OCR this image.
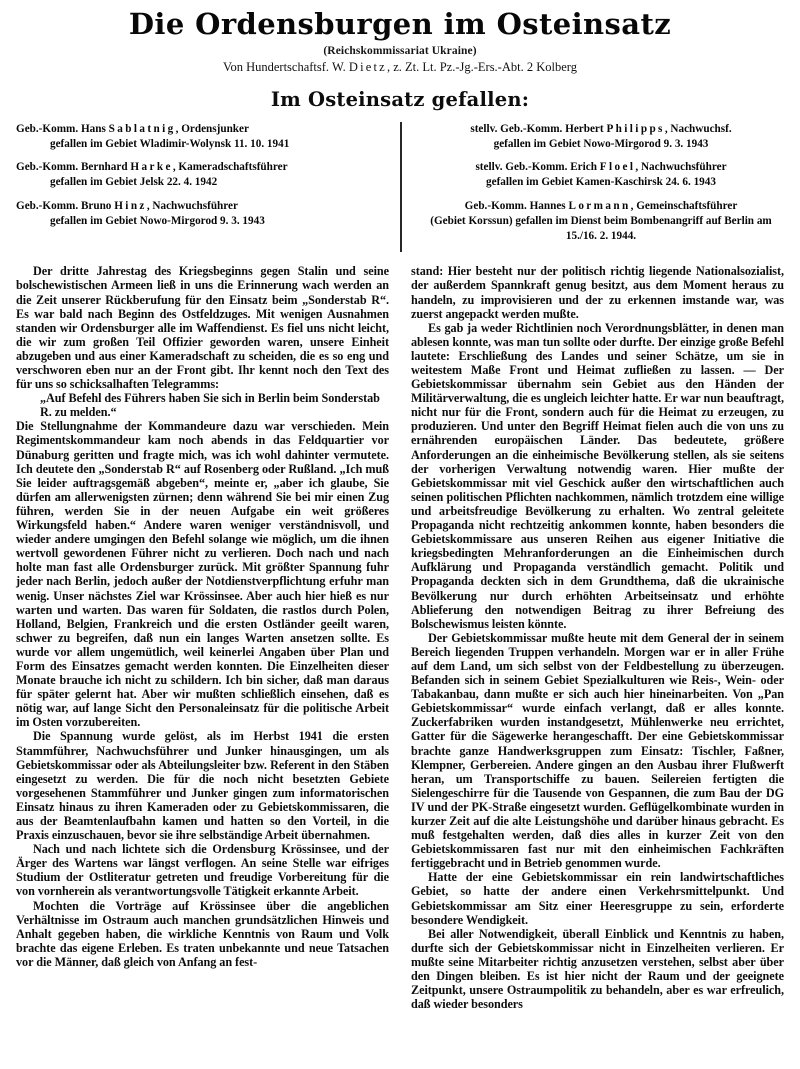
Die Ordensburgen im Osteinsatz
(Reichskommissariat Ukraine)
Von Hundertschaftsf. W. Dietz, z. Zt. Lt. Pz.-Jg.-Ers.-Abt. 2 Kolberg
Im Osteinsatz gefallen:
Geb.-Komm. Hans Sablatnig, Ordensjunker
gefallen im Gebiet Wladimir-Wolynsk 11. 10. 1941
Geb.-Komm. Bernhard Harke, Kameradschaftsführer
gefallen im Gebiet Jelsk 22. 4. 1942
Geb.-Komm. Bruno Hinz, Nachwuchsführer
gefallen im Gebiet Nowo-Mirgorod 9. 3. 1943
stellv. Geb.-Komm. Herbert Philipps, Nachwuchsf.
gefallen im Gebiet Nowo-Mirgorod 9. 3. 1943
stellv. Geb.-Komm. Erich Floel, Nachwuchsführer
gefallen im Gebiet Kamen-Kaschirsk 24. 6. 1943
Geb.-Komm. Hannes Lormann, Gemeinschaftsführer
(Gebiet Korssun) gefallen im Dienst beim Bombenangriff auf Berlin am 15./16. 2. 1944.

Der dritte Jahrestag des Kriegsbeginns gegen Stalin und seine bolschewistischen Armeen ließ in uns die Erinnerung wach werden an die Zeit unserer Rückberufung für den Einsatz beim „Sonderstab R“. Es war bald nach Beginn des Ostfeldzuges. Mit wenigen Ausnahmen standen wir Ordensburger alle im Waffendienst. Es fiel uns nicht leicht, die wir zum großen Teil Offizier geworden waren, unsere Einheit abzugeben und aus einer Kameradschaft zu scheiden, die es so eng und verschworen eben nur an der Front gibt. Ihr kennt noch den Text des für uns so schicksalhaften Telegramms:

„Auf Befehl des Führers haben Sie sich in Berlin beim Sonderstab R. zu melden.“

Die Stellungnahme der Kommandeure dazu war verschieden. Mein Regimentskommandeur kam noch abends in das Feldquartier vor Dünaburg geritten und fragte mich, was ich wohl dahinter vermutete. Ich deutete den „Sonderstab R“ auf Rosenberg oder Rußland. „Ich muß Sie leider auftragsgemäß abgeben“, meinte er, „aber ich glaube, Sie dürfen am allerwenigsten zürnen; denn während Sie bei mir einen Zug führen, werden Sie in der neuen Aufgabe ein weit größeres Wirkungsfeld haben.“ Andere waren weniger verständnisvoll, und wieder andere umgingen den Befehl solange wie möglich, um die ihnen wertvoll gewordenen Führer nicht zu verlieren. Doch nach und nach holte man fast alle Ordensburger zurück. Mit größter Spannung fuhr jeder nach Berlin, jedoch außer der Notdienstverpflichtung erfuhr man wenig. Unser nächstes Ziel war Krössinsee. Aber auch hier hieß es nur warten und warten. Das waren für Soldaten, die rastlos durch Polen, Holland, Belgien, Frankreich und die ersten Ostländer geeilt waren, schwer zu begreifen, daß nun ein langes Warten ansetzen sollte. Es wurde vor allem ungemütlich, weil keinerlei Angaben über Plan und Form des Einsatzes gemacht werden konnten. Die Einzelheiten dieser Monate brauche ich nicht zu schildern. Ich bin sicher, daß man daraus für später gelernt hat. Aber wir mußten schließlich einsehen, daß es nötig war, auf lange Sicht den Personaleinsatz für die politische Arbeit im Osten vorzubereiten.

Die Spannung wurde gelöst, als im Herbst 1941 die ersten Stammführer, Nachwuchsführer und Junker hinausgingen, um als Gebietskommissar oder als Abteilungsleiter bzw. Referent in den Stäben eingesetzt zu werden. Die für die noch nicht besetzten Gebiete vorgesehenen Stammführer und Junker gingen zum informatorischen Einsatz hinaus zu ihren Kameraden oder zu Gebietskommissaren, die aus der Beamtenlaufbahn kamen und hatten so den Vorteil, in die Praxis einzuschauen, bevor sie ihre selbständige Arbeit übernahmen.

Nach und nach lichtete sich die Ordensburg Krössinsee, und der Ärger des Wartens war längst verflogen. An seine Stelle war eifriges Studium der Ostliteratur getreten und freudige Vorbereitung für die von vornherein als verantwortungsvolle Tätigkeit erkannte Arbeit.

Mochten die Vorträge auf Krössinsee über die angeblichen Verhältnisse im Ostraum auch manchen grundsätzlichen Hinweis und Anhalt gegeben haben, die wirkliche Kenntnis von Raum und Volk brachte das eigene Erleben. Es traten unbekannte und neue Tatsachen vor die Männer, daß gleich von Anfang an fest-

stand: Hier besteht nur der politisch richtig liegende Nationalsozialist, der außerdem Spannkraft genug besitzt, aus dem Moment heraus zu handeln, zu improvisieren und der zu erkennen imstande war, was zuerst angepackt werden mußte.

Es gab ja weder Richtlinien noch Verordnungsblätter, in denen man ablesen konnte, was man tun sollte oder durfte. Der einzige große Befehl lautete: Erschließung des Landes und seiner Schätze, um sie in weitestem Maße Front und Heimat zufließen zu lassen. — Der Gebietskommissar übernahm sein Gebiet aus den Händen der Militärverwaltung, die es ungleich leichter hatte. Er war nun beauftragt, nicht nur für die Front, sondern auch für die Heimat zu erzeugen, zu produzieren. Und unter den Begriff Heimat fielen auch die von uns zu ernährenden europäischen Länder. Das bedeutete, größere Anforderungen an die einheimische Bevölkerung stellen, als sie seitens der vorherigen Verwaltung notwendig waren. Hier mußte der Gebietskommissar mit viel Geschick außer den wirtschaftlichen auch seinen politischen Pflichten nachkommen, nämlich trotzdem eine willige und arbeitsfreudige Bevölkerung zu erhalten. Wo zentral geleitete Propaganda nicht rechtzeitig ankommen konnte, haben besonders die Gebietskommissare aus unseren Reihen aus eigener Initiative die kriegsbedingten Mehranforderungen an die Einheimischen durch Aufklärung und Propaganda verständlich gemacht. Politik und Propaganda deckten sich in dem Grundthema, daß die ukrainische Bevölkerung nur durch erhöhten Arbeitseinsatz und erhöhte Ablieferung den notwendigen Beitrag zu ihrer Befreiung des Bolschewismus leisten könnte.

Der Gebietskommissar mußte heute mit dem General der in seinem Bereich liegenden Truppen verhandeln. Morgen war er in aller Frühe auf dem Land, um sich selbst von der Feldbestellung zu überzeugen. Befanden sich in seinem Gebiet Spezialkulturen wie Reis-, Wein- oder Tabakanbau, dann mußte er sich auch hier hineinarbeiten. Von „Pan Gebietskommissar“ wurde einfach verlangt, daß er alles konnte. Zuckerfabriken wurden instandgesetzt, Mühlenwerke neu errichtet, Gatter für die Sägewerke herangeschafft. Der eine Gebietskommissar brachte ganze Handwerksgruppen zum Einsatz: Tischler, Faßner, Klempner, Gerbereien. Andere gingen an den Ausbau ihrer Flußwerft heran, um Transportschiffe zu bauen. Seilereien fertigten die Sielengeschirre für die Tausende von Gespannen, die zum Bau der DG IV und der PK-Straße eingesetzt wurden. Geflügelkombinate wurden in kurzer Zeit auf die alte Leistungshöhe und darüber hinaus gebracht. Es muß festgehalten werden, daß dies alles in kurzer Zeit von den Gebietskommissaren fast nur mit den einheimischen Fachkräften fertiggebracht und in Betrieb genommen wurde.

Hatte der eine Gebietskommissar ein rein landwirtschaftliches Gebiet, so hatte der andere einen Verkehrsmittelpunkt. Und Gebietskommissar am Sitz einer Heeresgruppe zu sein, erforderte besondere Wendigkeit.

Bei aller Notwendigkeit, überall Einblick und Kenntnis zu haben, durfte sich der Gebietskommissar nicht in Einzelheiten verlieren. Er mußte seine Mitarbeiter richtig anzusetzen verstehen, selbst aber über den Dingen bleiben. Es ist hier nicht der Raum und der geeignete Zeitpunkt, unsere Ostraumpolitik zu behandeln, aber es war erfreulich, daß wieder besonders
